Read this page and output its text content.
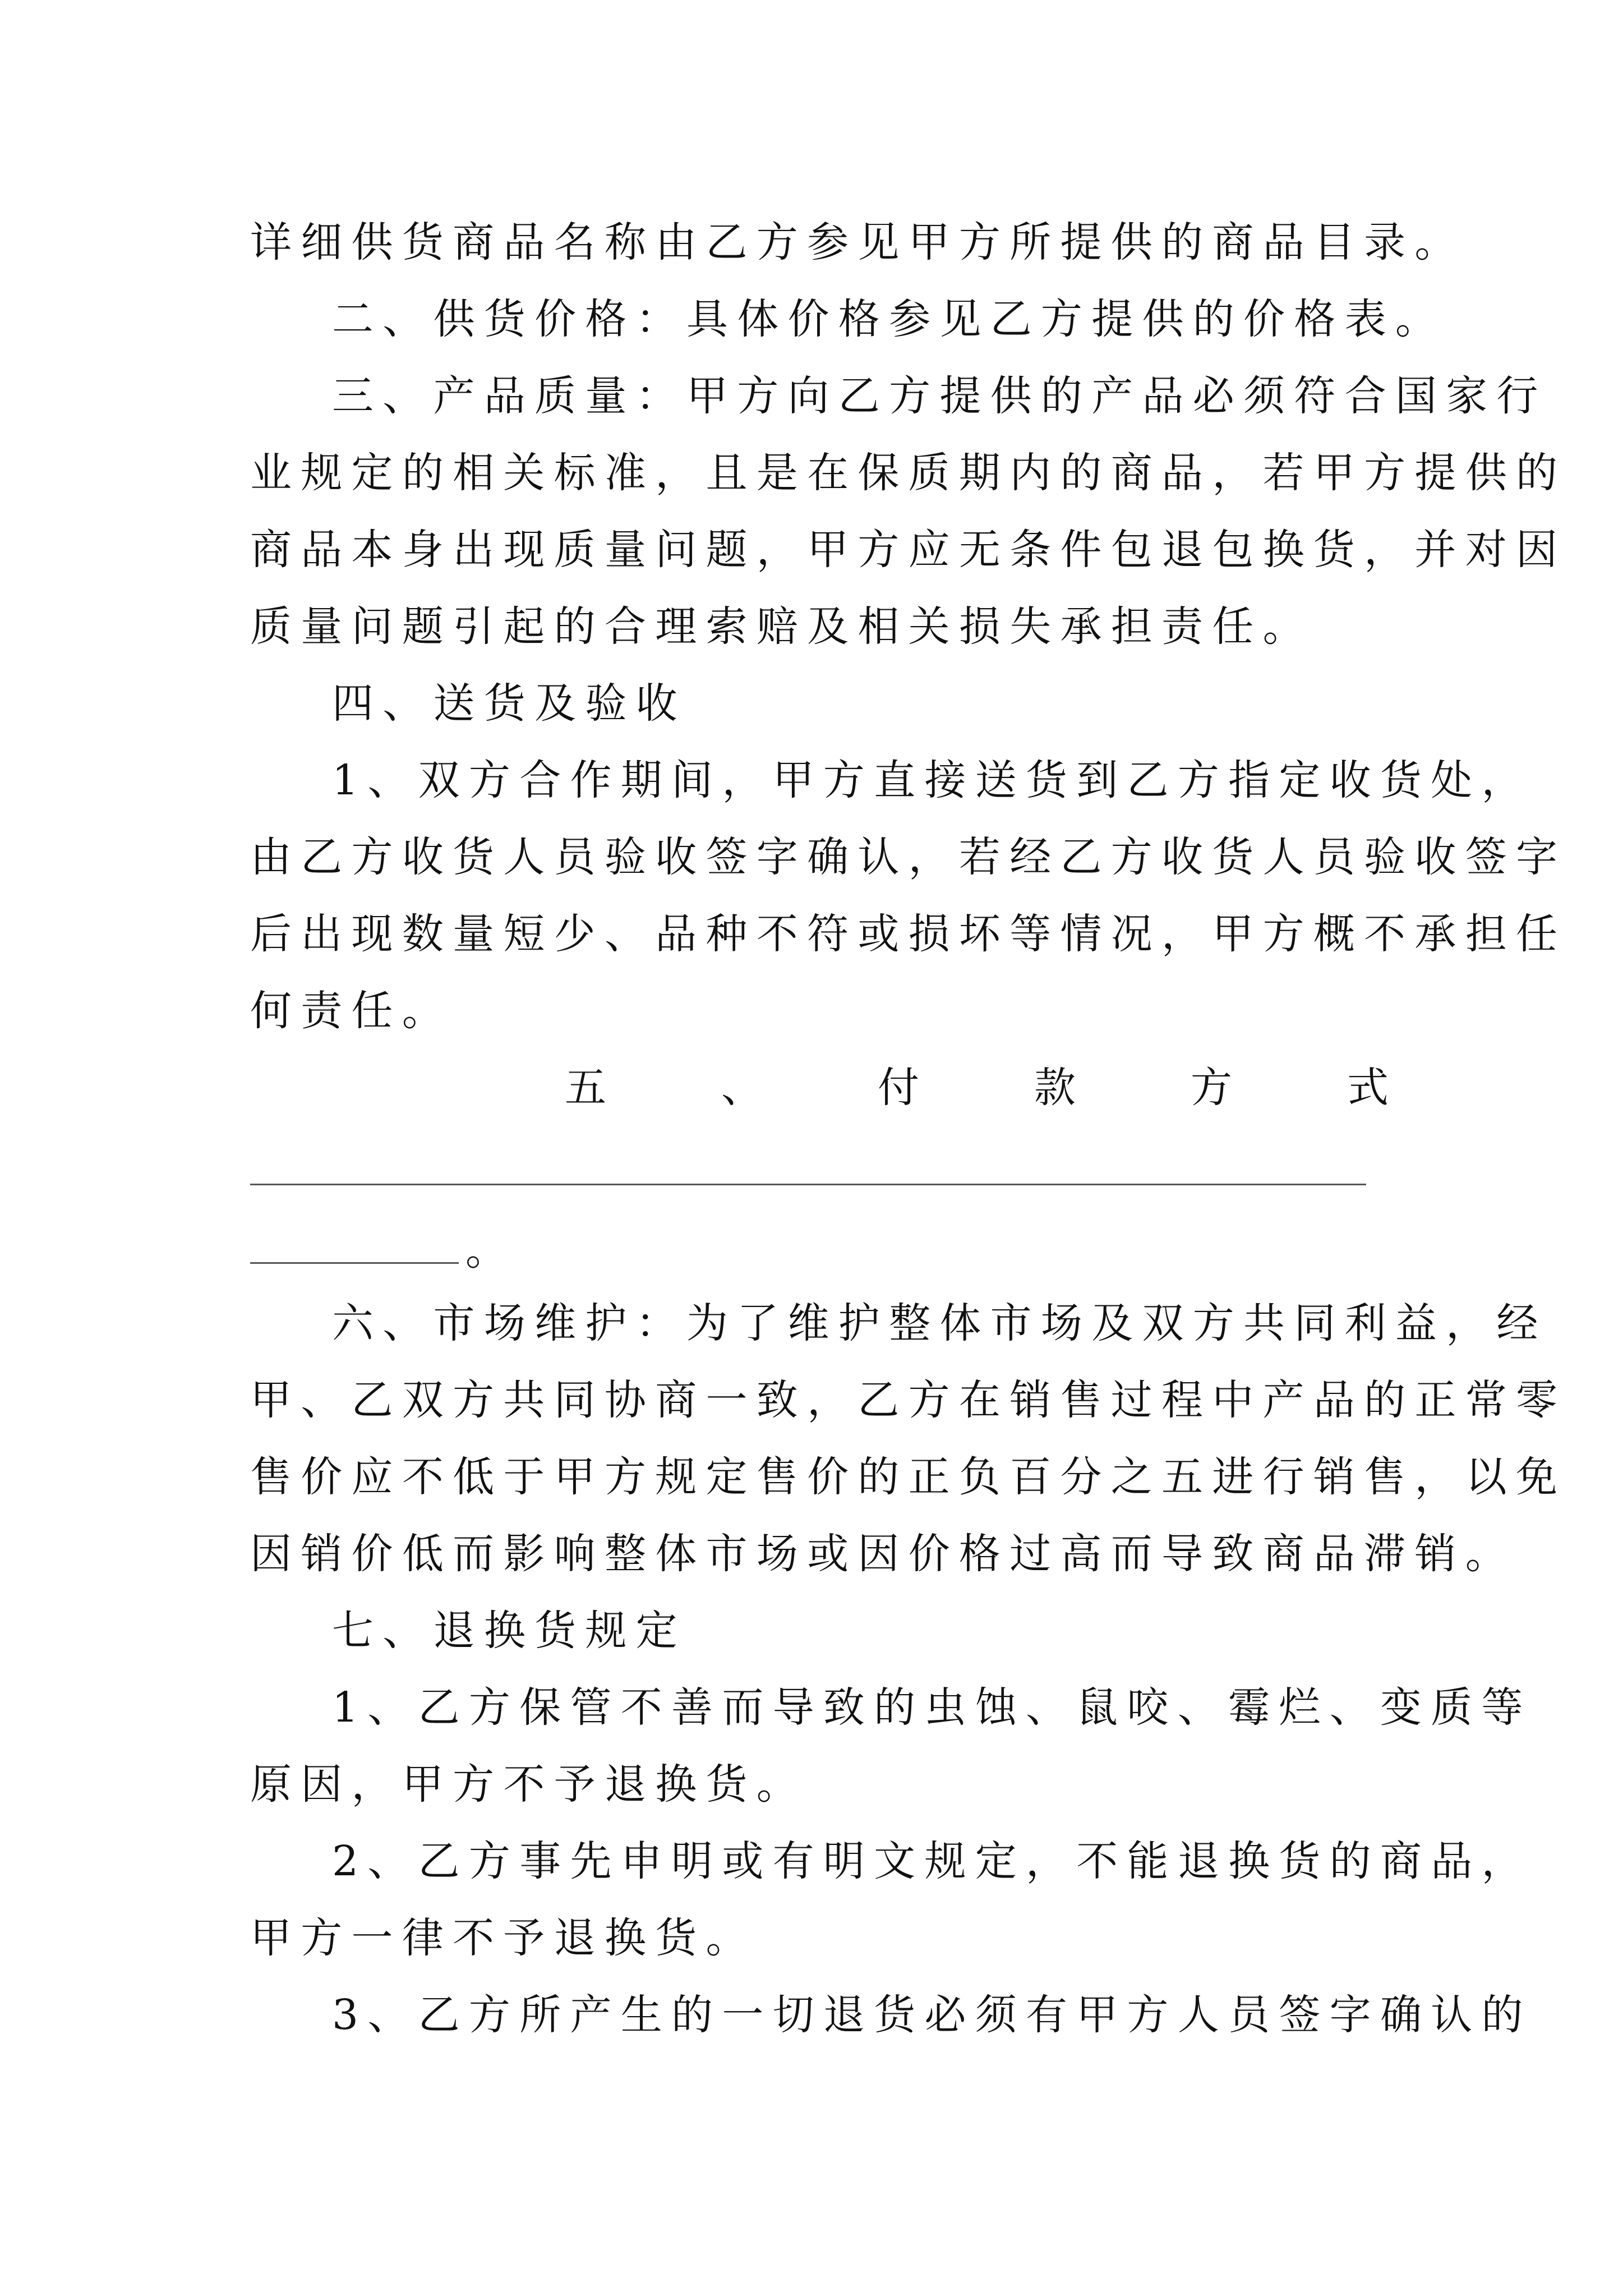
详细供货商品名称由乙方参见甲方所提供的商品目录。
二、供货价格：具体价格参见乙方提供的价格表。
三、产品质量：甲方向乙方提供的产品必须符合国家行
业规定的相关标准，且是在保质期内的商品，若甲方提供的
商品本身出现质量问题，甲方应无条件包退包换货，并对因
质量问题引起的合理索赔及相关损失承担责任。
四、送货及验收
1、双方合作期间，甲方直接送货到乙方指定收货处，
由乙方收货人员验收签字确认，若经乙方收货人员验收签字
后出现数量短少、品种不符或损坏等情况，甲方概不承担任
何责任。
五	、	付	款	方	式
。
六、市场维护：为了维护整体市场及双方共同利益，经
甲、乙双方共同协商一致，乙方在销售过程中产品的正常零
售价应不低于甲方规定售价的正负百分之五进行销售，以免
因销价低而影响整体市场或因价格过高而导致商品滞销。
七、退换货规定
1、乙方保管不善而导致的虫蚀、鼠咬、霉烂、变质等
原因，甲方不予退换货。
2、乙方事先申明或有明文规定，不能退换货的商品，
甲方一律不予退换货。
3、乙方所产生的一切退货必须有甲方人员签字确认的
